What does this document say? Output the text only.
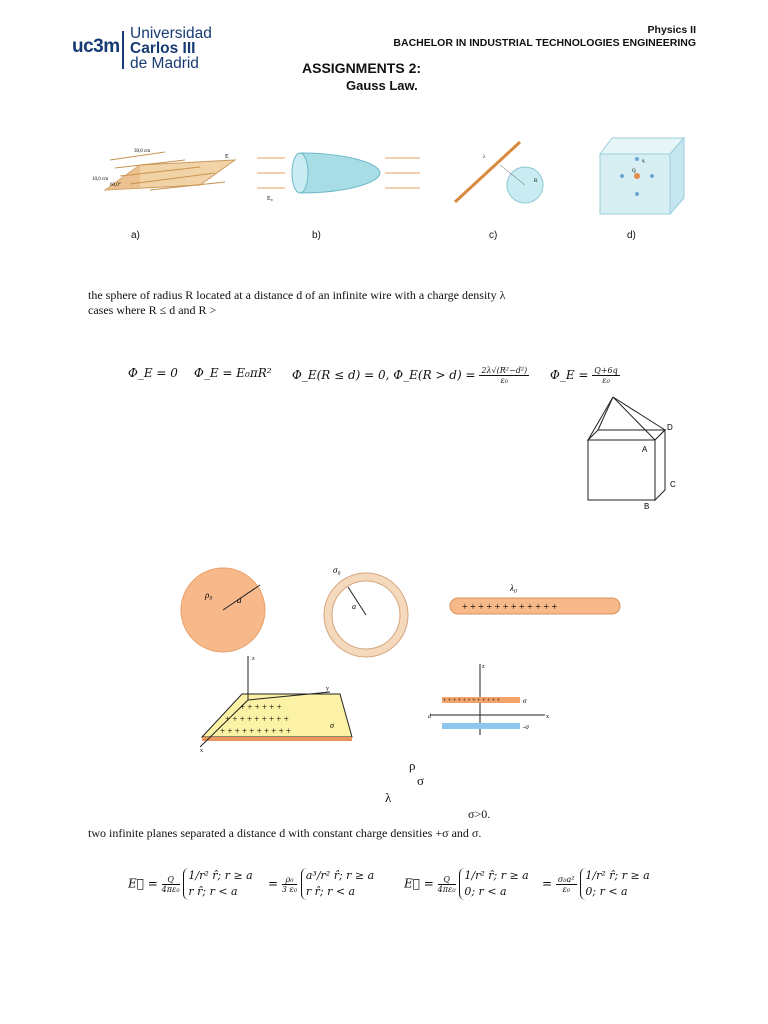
uc3m
Universidad
Carlos III
de Madrid
Physics II
BACHELOR IN INDUSTRIAL TECHNOLOGIES ENGINEERING
ASSIGNMENTS 2:
Gauss Law.
30,0 cm
10,0 cm
60,0°
E
a)
E₀
b)
λ
R
c)
Q
q
d)
the sphere of radius R located at a distance d of an infinite wire with a charge density λ
cases where R ≤ d and R >
Φ_E = 0 Φ_E = E₀πR² Φ_E(R ≤ d) = 0, Φ_E(R > $d) = \frac{\text{2λ√(R²−d²)}}{\text{ε₀}}$ Φ_E = $\frac{Q+6q}{\text{ε₀}}$
D
A
C
B
ρ₀	a
σ₀
a
λ₀
+ + + + + + + + + + + +
+ + + + + + + + +
+ + + + + +
+ + + + + + + + + +
z
y
x
σ
+ + + + + + + + + + + +
z
x
σ
-σ
d
ρ
σ
λ
σ>0.
two infinite planes separated a distance d with constant charge densities +σ and σ.
E⃗ = $\frac{Q}{\text{4πε₀}}$
1/r² r̂; r ≥ a
r r̂; r < a
= $\frac{\text{ρ₀}}{\text{3 ε₀}}$
a³/r² r̂; r ≥ a
r r̂; r < a
E⃗ = $\frac{Q}{\text{4πε₀}}$
1/r² r̂; r ≥ a
0; r < a
= $\frac{\text{σ₀a²}}{\text{ε₀}}$
1/r² r̂; r ≥ a
0; r < a
